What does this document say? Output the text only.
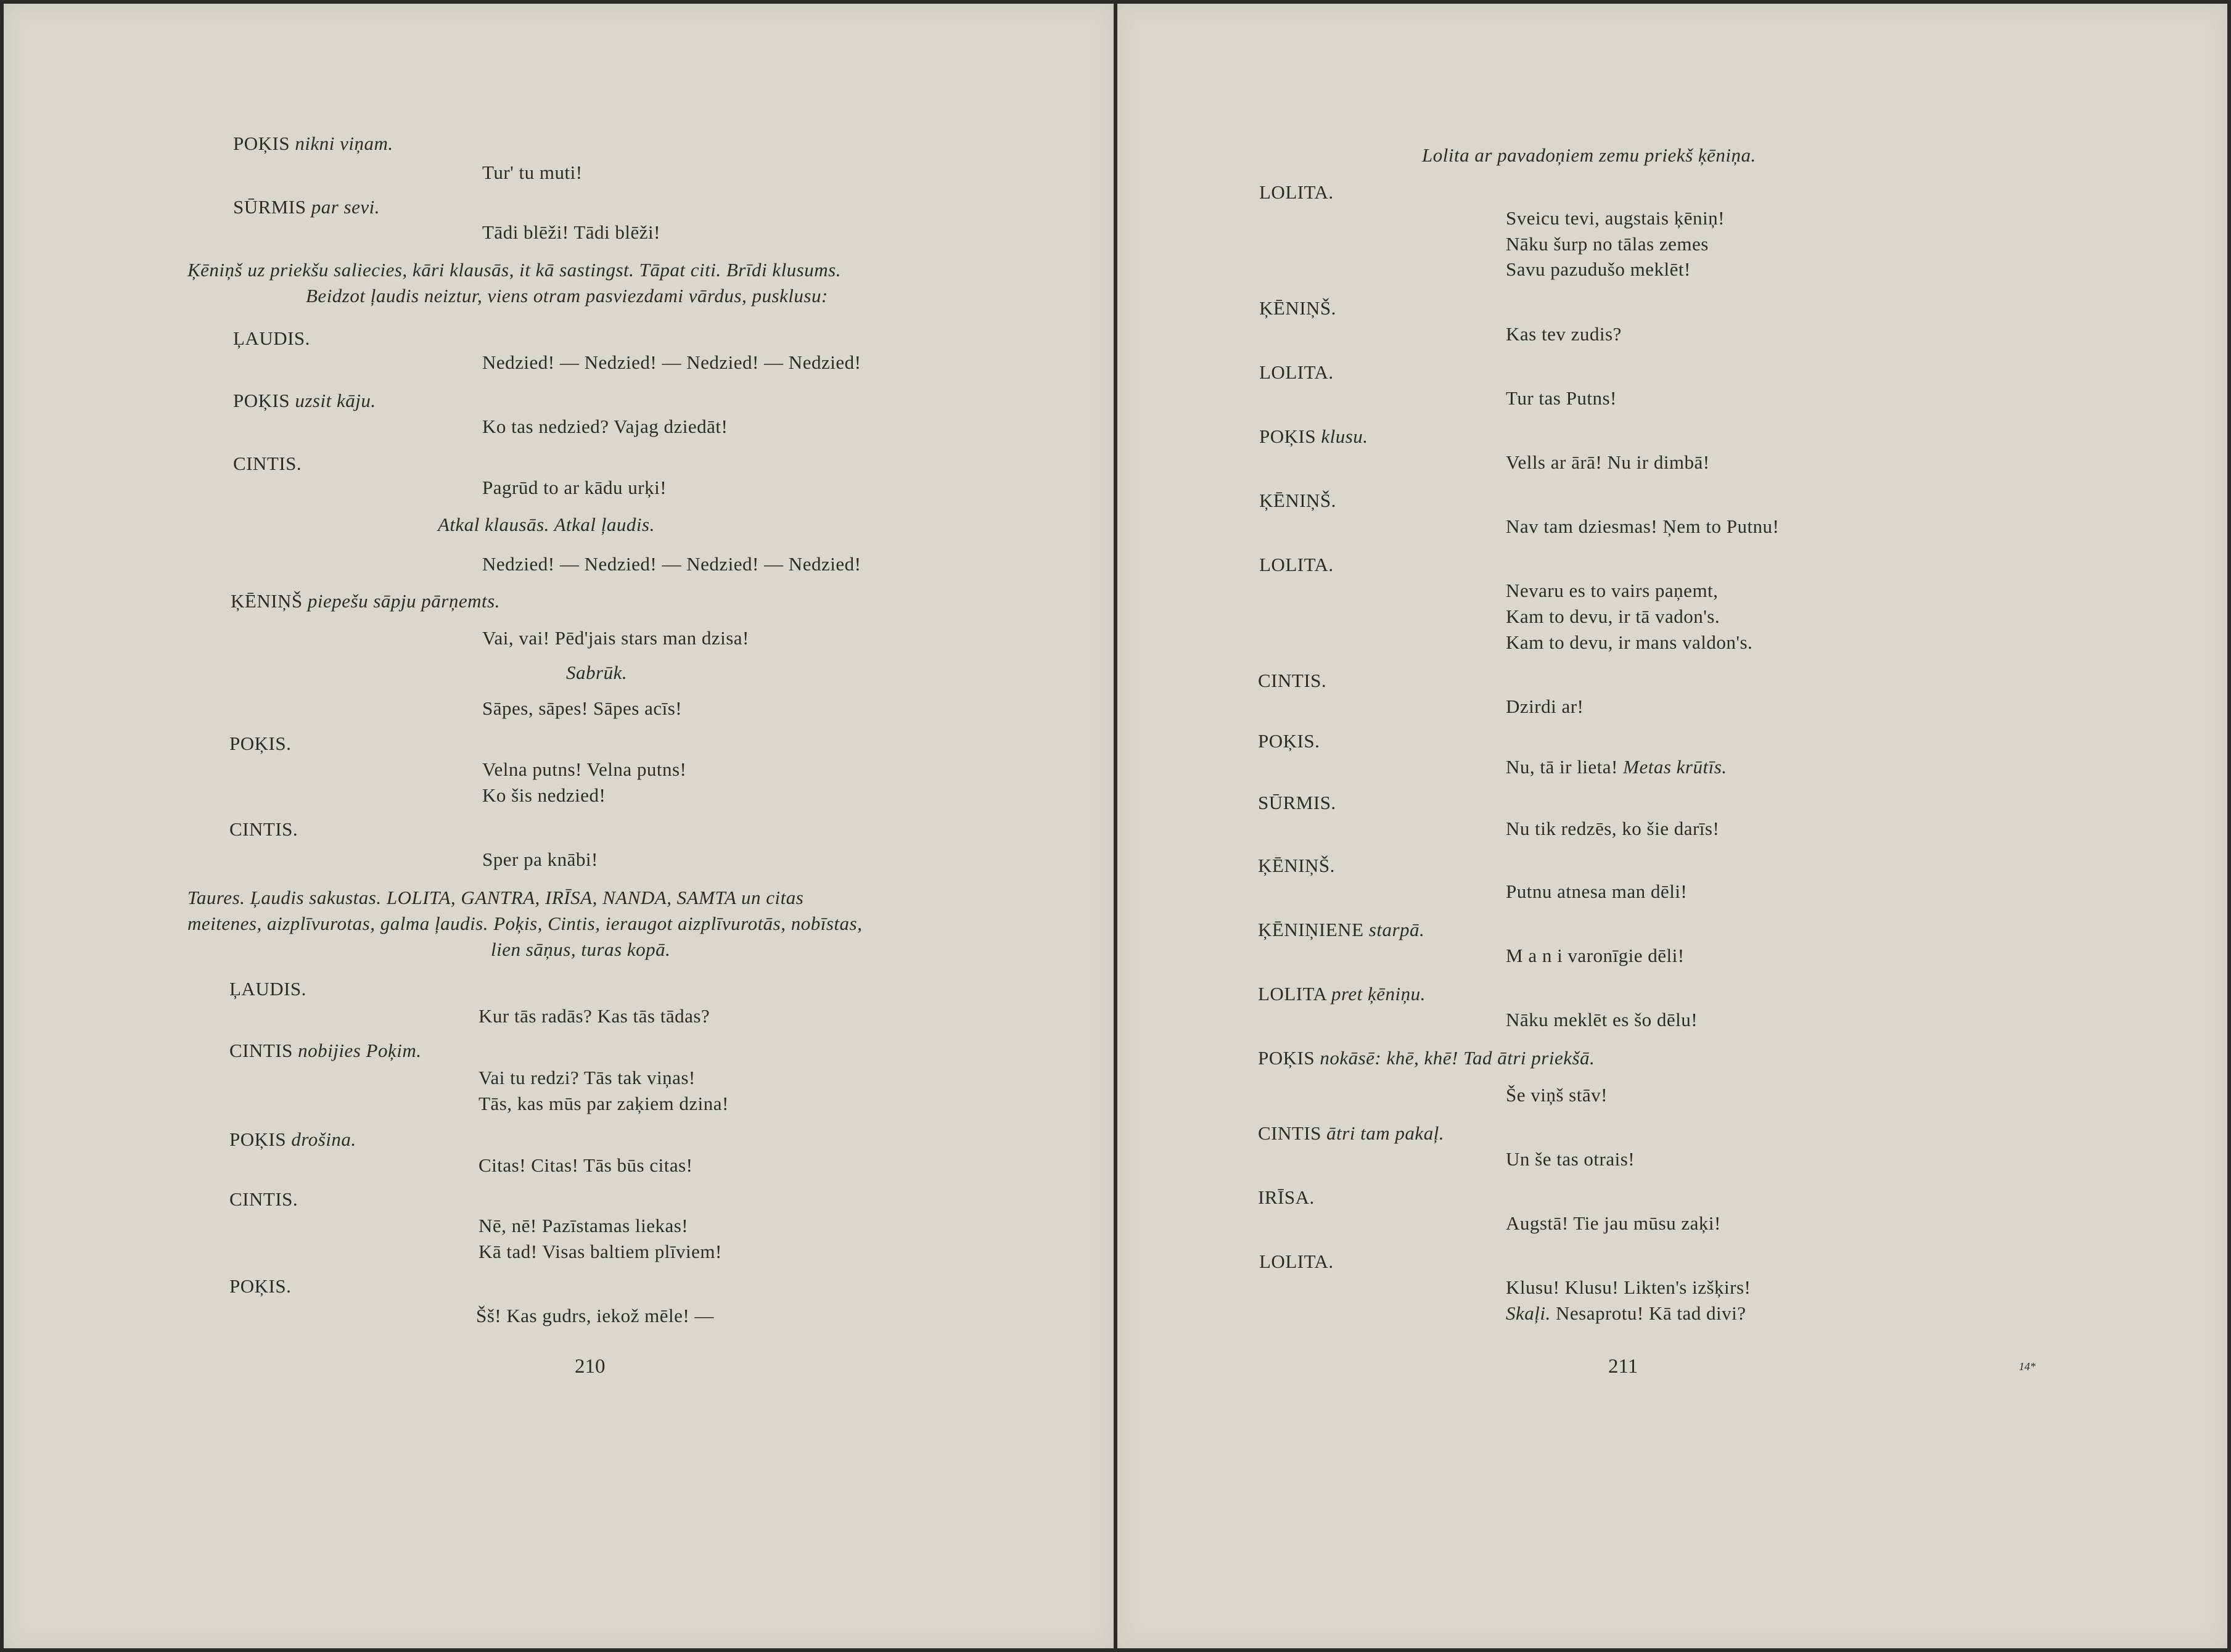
POĶIS nikni viņam.
Tur' tu muti!
SŪRMIS par sevi.
Tādi blēži! Tādi blēži!
Ķēniņš uz priekšu saliecies, kāri klausās, it kā sastingst. Tāpat citi. Brīdi klusums.
Beidzot ļaudis neiztur, viens otram pasviezdami vārdus, pusklusu:
ĻAUDIS.
Nedzied! — Nedzied! — Nedzied! — Nedzied!
POĶIS uzsit kāju.
Ko tas nedzied? Vajag dziedāt!
CINTIS.
Pagrūd to ar kādu urķi!
Atkal klausās. Atkal ļaudis.
Nedzied! — Nedzied! — Nedzied! — Nedzied!
ĶĒNIŅŠ piepešu sāpju pārņemts.
Vai, vai! Pēd'jais stars man dzisa!
Sabrūk.
Sāpes, sāpes! Sāpes acīs!
POĶIS.
Velna putns! Velna putns!
Ko šis nedzied!
CINTIS.
Sper pa knābi!
Taures. Ļaudis sakustas. LOLITA, GANTRA, IRĪSA, NANDA, SAMTA un citas
meitenes, aizplīvurotas, galma ļaudis. Poķis, Cintis, ieraugot aizplīvurotās, nobīstas,
lien sāņus, turas kopā.
ĻAUDIS.
Kur tās radās? Kas tās tādas?
CINTIS nobijies Poķim.
Vai tu redzi? Tās tak viņas!
Tās, kas mūs par zaķiem dzina!
POĶIS drošina.
Citas! Citas! Tās būs citas!
CINTIS.
Nē, nē! Pazīstamas liekas!
Kā tad! Visas baltiem plīviem!
POĶIS.
Šš! Kas gudrs, iekož mēle! —
210
Lolita ar pavadoņiem zemu priekš ķēniņa.
LOLITA.
Sveicu tevi, augstais ķēniņ!
Nāku šurp no tālas zemes
Savu pazudušo meklēt!
ĶĒNIŅŠ.
Kas tev zudis?
LOLITA.
Tur tas Putns!
POĶIS klusu.
Vells ar ārā! Nu ir dimbā!
ĶĒNIŅŠ.
Nav tam dziesmas! Ņem to Putnu!
LOLITA.
Nevaru es to vairs paņemt,
Kam to devu, ir tā vadon's.
Kam to devu, ir mans valdon's.
CINTIS.
Dzirdi ar!
POĶIS.
Nu, tā ir lieta! Metas krūtīs.
SŪRMIS.
Nu tik redzēs, ko šie darīs!
ĶĒNIŅŠ.
Putnu atnesa man dēli!
ĶĒNIŅIENE starpā.
M a n i varonīgie dēli!
LOLITA pret ķēniņu.
Nāku meklēt es šo dēlu!
POĶIS nokāsē: khē, khē! Tad ātri priekšā.
Še viņš stāv!
CINTIS ātri tam pakaļ.
Un še tas otrais!
IRĪSA.
Augstā! Tie jau mūsu zaķi!
LOLITA.
Klusu! Klusu! Likten's izšķirs!
Skaļi. Nesaprotu! Kā tad divi?
211	14*
